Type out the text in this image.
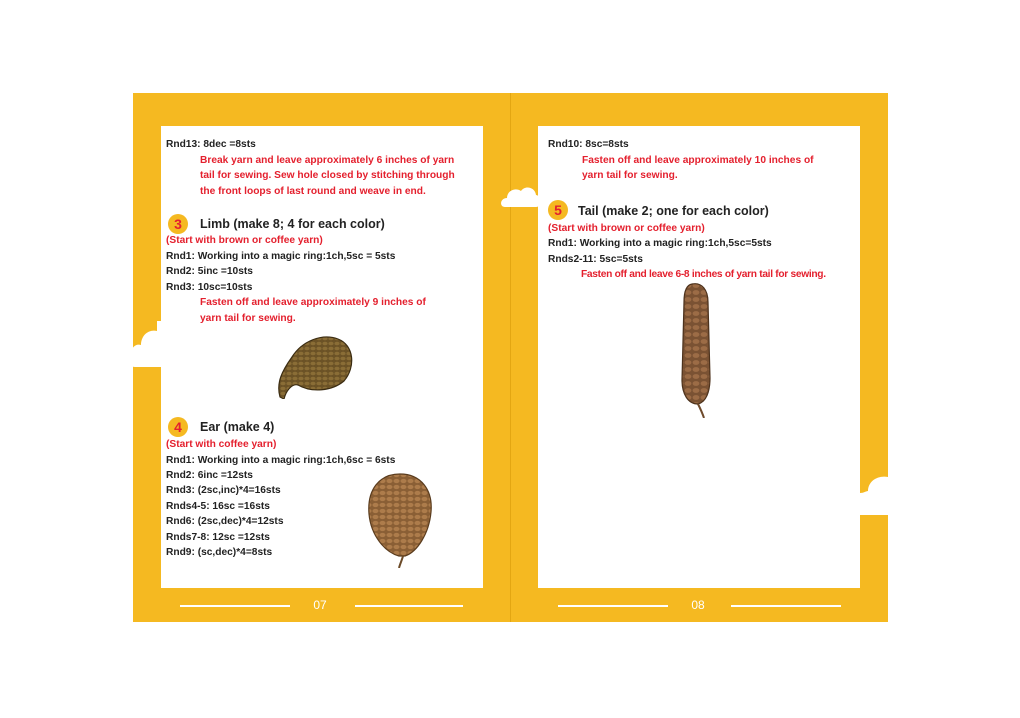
Rnd13: 8dec =8sts
Break yarn and leave approximately 6 inches of yarn
tail for sewing. Sew hole closed by stitching through
the front loops of last round and weave in end.
3	Limb (make 8; 4 for each color)
(Start with brown or coffee yarn)
Rnd1: Working into a magic ring:1ch,5sc = 5sts
Rnd2: 5inc =10sts
Rnd3: 10sc=10sts
Fasten off and leave approximately 9 inches of
yarn tail for sewing.
4	Ear (make 4)
(Start with coffee yarn)
Rnd1: Working into a magic ring:1ch,6sc = 6sts
Rnd2: 6inc =12sts
Rnd3: (2sc,inc)*4=16sts
Rnds4-5: 16sc =16sts
Rnd6: (2sc,dec)*4=12sts
Rnds7-8: 12sc =12sts
Rnd9: (sc,dec)*4=8sts
Rnd10: 8sc=8sts
Fasten off and leave approximately 10 inches of
yarn tail for sewing.
5	Tail (make 2; one for each color)
(Start with brown or coffee yarn)
Rnd1: Working into a magic ring:1ch,5sc=5sts
Rnds2-11: 5sc=5sts
Fasten off and leave 6-8 inches of yarn tail for sewing.
07	08
